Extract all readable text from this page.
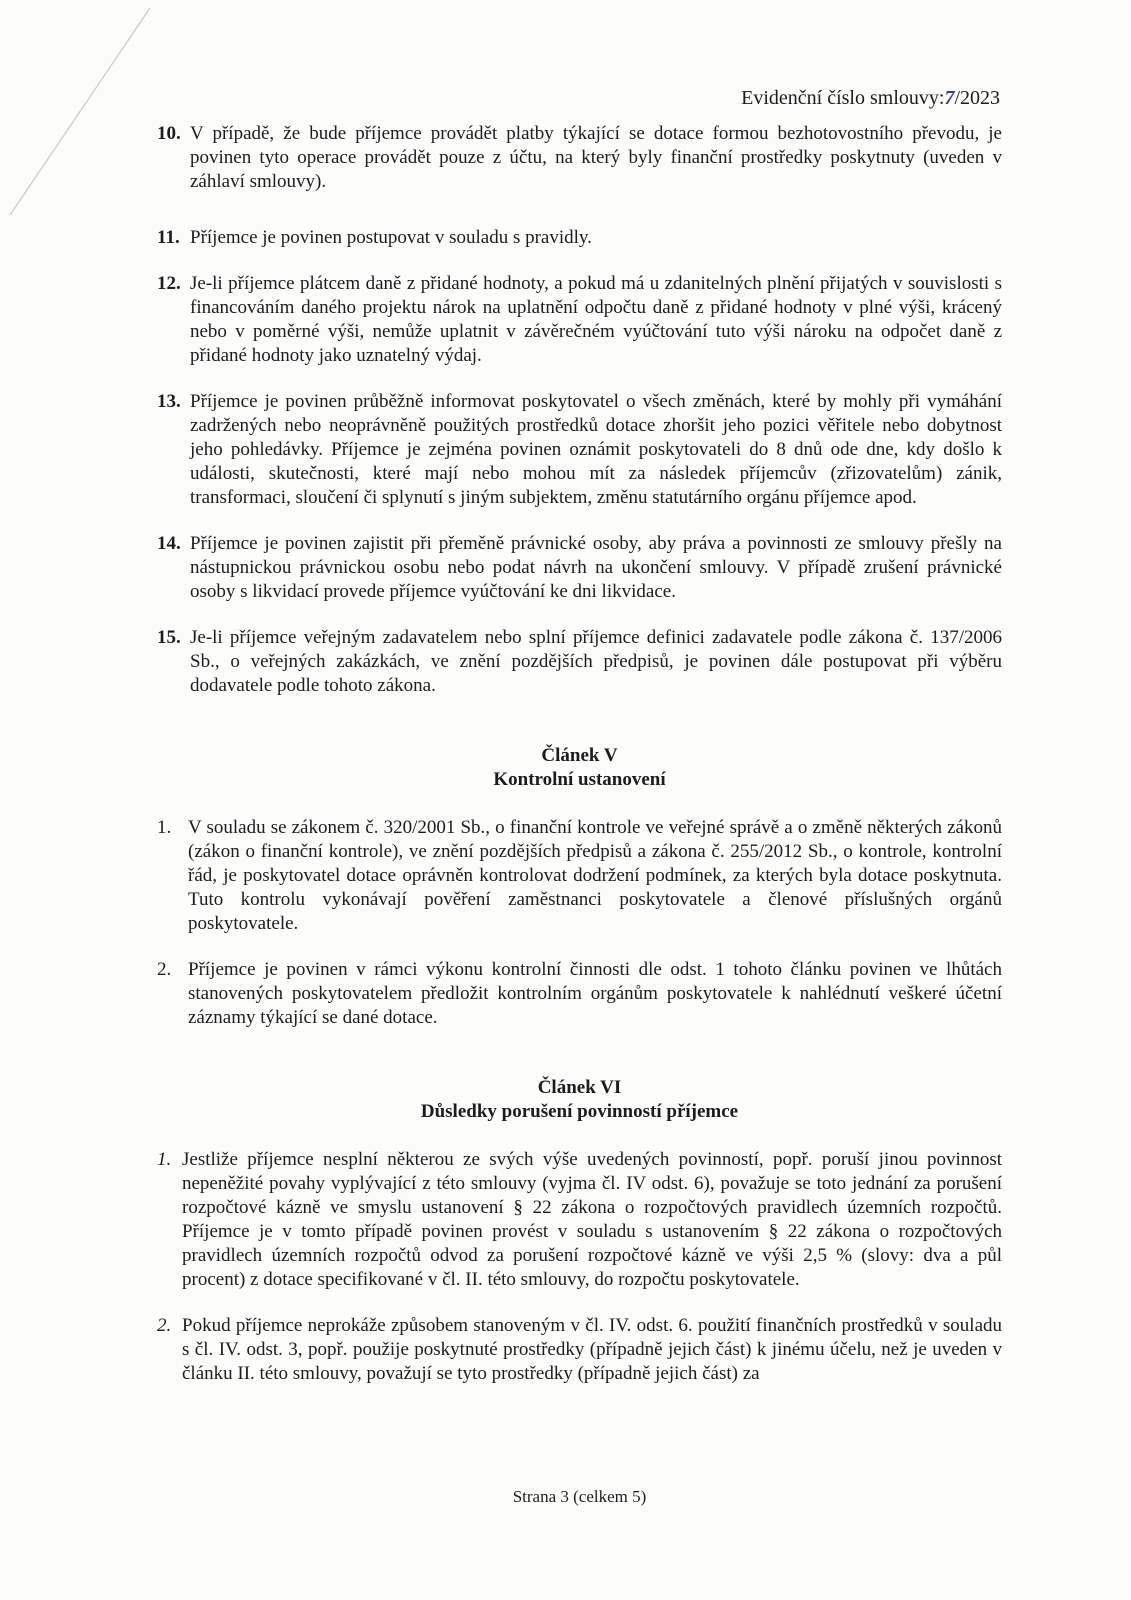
Evidenční číslo smlouvy:7/2023
10. V případě, že bude příjemce provádět platby týkající se dotace formou bezhotovostního převodu, je povinen tyto operace provádět pouze z účtu, na který byly finanční prostředky poskytnuty (uveden v záhlaví smlouvy).
11. Příjemce je povinen postupovat v souladu s pravidly.
12. Je-li příjemce plátcem daně z přidané hodnoty, a pokud má u zdanitelných plnění přijatých v souvislosti s financováním daného projektu nárok na uplatnění odpočtu daně z přidané hodnoty v plné výši, krácený nebo v poměrné výši, nemůže uplatnit v závěrečném vyúčtování tuto výši nároku na odpočet daně z přidané hodnoty jako uznatelný výdaj.
13. Příjemce je povinen průběžně informovat poskytovatel o všech změnách, které by mohly při vymáhání zadržených nebo neoprávněně použitých prostředků dotace zhoršit jeho pozici věřitele nebo dobytnost jeho pohledávky. Příjemce je zejména povinen oznámit poskytovateli do 8 dnů ode dne, kdy došlo k události, skutečnosti, které mají nebo mohou mít za následek příjemcův (zřizovatelům) zánik, transformaci, sloučení či splynutí s jiným subjektem, změnu statutárního orgánu příjemce apod.
14. Příjemce je povinen zajistit při přeměně právnické osoby, aby práva a povinnosti ze smlouvy přešly na nástupnickou právnickou osobu nebo podat návrh na ukončení smlouvy. V případě zrušení právnické osoby s likvidací provede příjemce vyúčtování ke dni likvidace.
15. Je-li příjemce veřejným zadavatelem nebo splní příjemce definici zadavatele podle zákona č. 137/2006 Sb., o veřejných zakázkách, ve znění pozdějších předpisů, je povinen dále postupovat při výběru dodavatele podle tohoto zákona.
Článek V
Kontrolní ustanovení
1. V souladu se zákonem č. 320/2001 Sb., o finanční kontrole ve veřejné správě a o změně některých zákonů (zákon o finanční kontrole), ve znění pozdějších předpisů a zákona č. 255/2012 Sb., o kontrole, kontrolní řád, je poskytovatel dotace oprávněn kontrolovat dodržení podmínek, za kterých byla dotace poskytnuta. Tuto kontrolu vykonávají pověření zaměstnanci poskytovatele a členové příslušných orgánů poskytovatele.
2. Příjemce je povinen v rámci výkonu kontrolní činnosti dle odst. 1 tohoto článku povinen ve lhůtách stanovených poskytovatelem předložit kontrolním orgánům poskytovatele k nahlédnutí veškeré účetní záznamy týkající se dané dotace.
Článek VI
Důsledky porušení povinností příjemce
1. Jestliže příjemce nesplní některou ze svých výše uvedených povinností, popř. poruší jinou povinnost nepeněžité povahy vyplývající z této smlouvy (vyjma čl. IV odst. 6), považuje se toto jednání za porušení rozpočtové kázně ve smyslu ustanovení § 22 zákona o rozpočtových pravidlech územních rozpočtů. Příjemce je v tomto případě povinen provést v souladu s ustanovením § 22 zákona o rozpočtových pravidlech územních rozpočtů odvod za porušení rozpočtové kázně ve výši 2,5 % (slovy: dva a půl procent) z dotace specifikované v čl. II. této smlouvy, do rozpočtu poskytovatele.
2. Pokud příjemce neprokáže způsobem stanoveným v čl. IV. odst. 6. použití finančních prostředků v souladu s čl. IV. odst. 3, popř. použije poskytnuté prostředky (případně jejich část) k jinému účelu, než je uveden v článku II. této smlouvy, považují se tyto prostředky (případně jejich část) za
Strana 3 (celkem 5)
